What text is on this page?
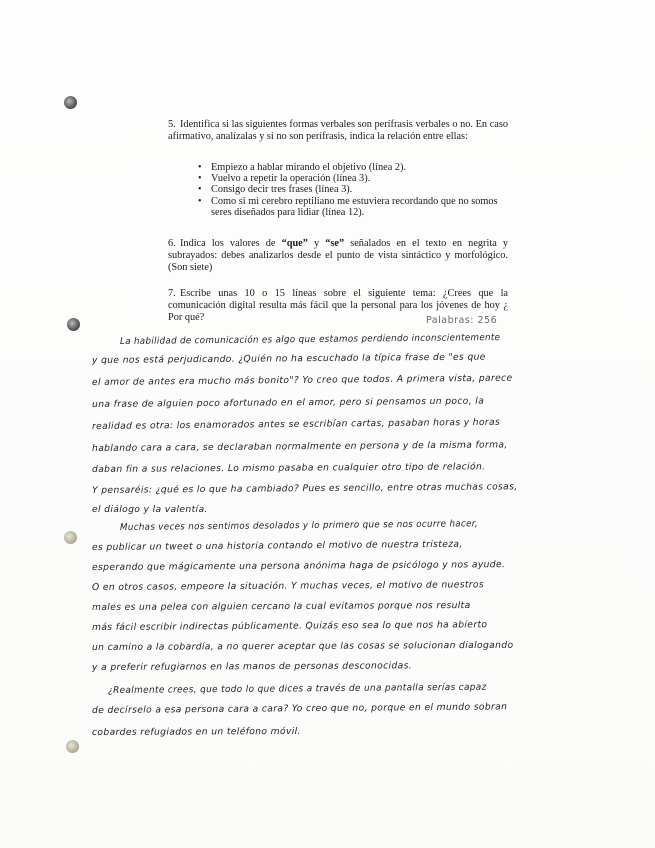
5. Identifica si las siguientes formas verbales son perífrasis verbales o no. En caso afirmativo, analízalas y si no son perífrasis, indica la relación entre ellas:
• Empiezo a hablar mirando el objetivo (línea 2).
• Vuelvo a repetir la operación (línea 3).
• Consigo decir tres frases (línea 3).
• Como si mi cerebro reptiliano me estuviera recordando que no somos seres diseñados para lidiar (línea 12).
6. Indica los valores de “que” y “se” señalados en el texto en negrita y subrayados: debes analizarlos desde el punto de vista sintáctico y morfológico. (Son siete)
7. Escribe unas 10 o 15 líneas sobre el siguiente tema: ¿Crees que la comunicación digital resulta más fácil que la personal para los jóvenes de hoy ¿ Por qué?	Palabras: 256
La habilidad de comunicación es algo que estamos perdiendo inconscientemente
y que nos está perjudicando. ¿Quién no ha escuchado la típica frase de "es que
el amor de antes era mucho más bonito"? Yo creo que todos. A primera vista, parece
una frase de alguien poco afortunado en el amor, pero si pensamos un poco, la
realidad es otra: los enamorados antes se escribían cartas, pasaban horas y horas
hablando cara a cara, se declaraban normalmente en persona y de la misma forma,
daban fin a sus relaciones. Lo mismo pasaba en cualquier otro tipo de relación.
Y pensaréis: ¿qué es lo que ha cambiado? Pues es sencillo, entre otras muchas cosas,
el diálogo y la valentía.
Muchas veces nos sentimos desolados y lo primero que se nos ocurre hacer,
es publicar un tweet o una historia contando el motivo de nuestra tristeza,
esperando que mágicamente una persona anónima haga de psicólogo y nos ayude.
O en otros casos, empeore la situación. Y muchas veces, el motivo de nuestros
males es una pelea con alguien cercano la cual evitamos porque nos resulta
más fácil escribir indirectas públicamente. Quizás eso sea lo que nos ha abierto
un camino a la cobardía, a no querer aceptar que las cosas se solucionan dialogando
y a preferir refugiarnos en las manos de personas desconocidas.
¿Realmente crees, que todo lo que dices a través de una pantalla serías capaz
de decírselo a esa persona cara a cara? Yo creo que no, porque en el mundo sobran
cobardes refugiados en un teléfono móvil.
